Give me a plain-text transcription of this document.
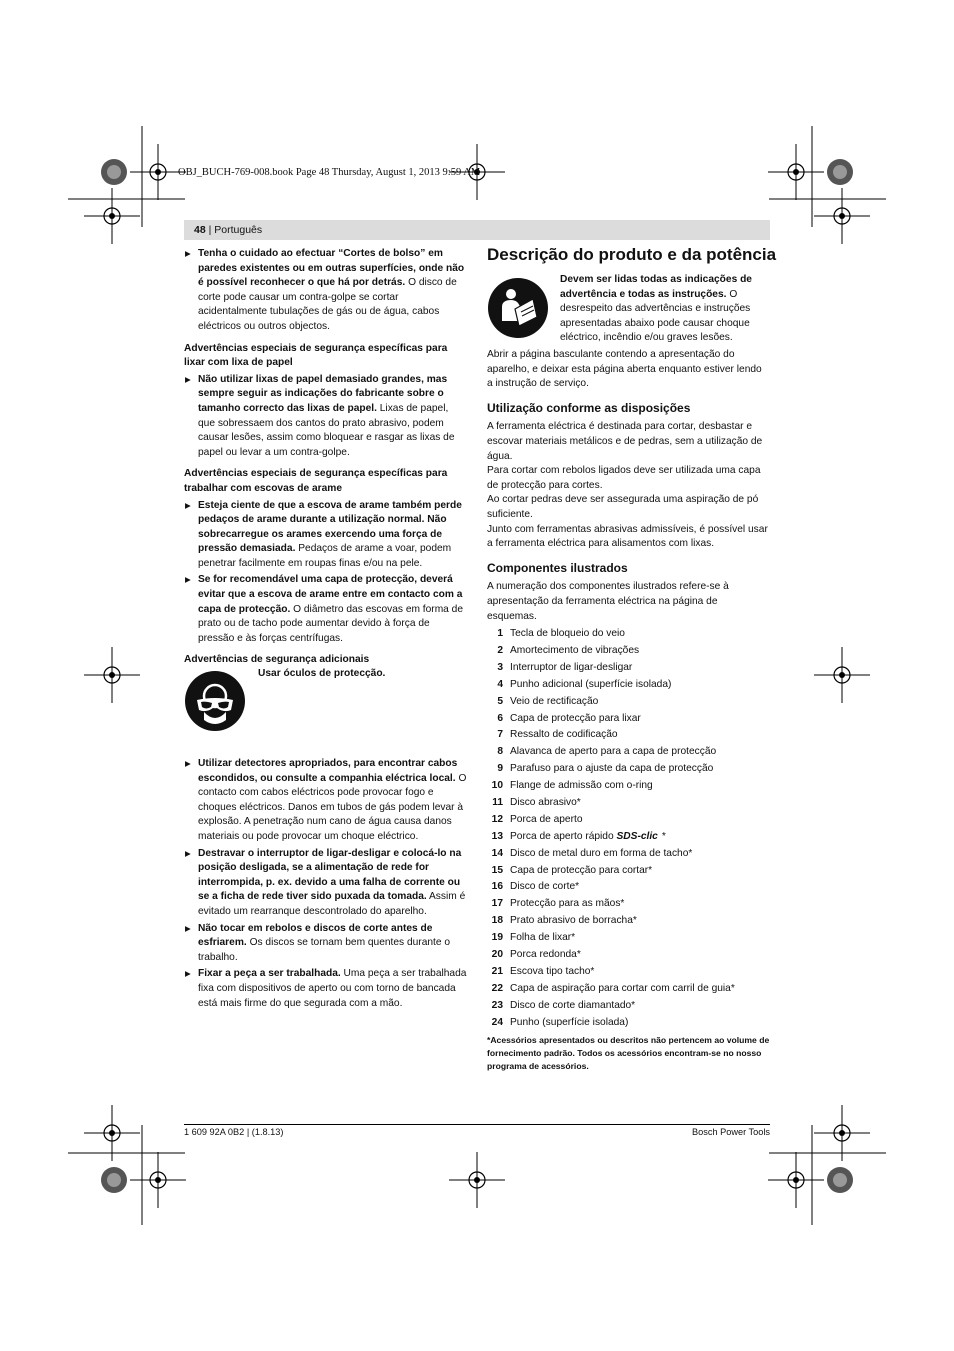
OBJ_BUCH-769-008.book Page 48 Thursday, August 1, 2013 9:59 AM
48 | Português

▶ Tenha o cuidado ao efectuar “Cortes de bolso” em paredes existentes ou em outras superfícies, onde não é possível reconhecer o que há por detrás. O disco de corte pode causar um contra-golpe se cortar acidentalmente tubulações de gás ou de água, cabos eléctricos ou outros objectos.

Advertências especiais de segurança específicas para lixar com lixa de papel

▶ Não utilizar lixas de papel demasiado grandes, mas sempre seguir as indicações do fabricante sobre o tamanho correcto das lixas de papel. Lixas de papel, que sobressaem dos cantos do prato abrasivo, podem causar lesões, assim como bloquear e rasgar as lixas de papel ou levar a um contra-golpe.

Advertências especiais de segurança específicas para trabalhar com escovas de arame

▶ Esteja ciente de que a escova de arame também perde pedaços de arame durante a utilização normal. Não sobrecarregue os arames exercendo uma força de pressão demasiada. Pedaços de arame a voar, podem penetrar facilmente em roupas finas e/ou na pele.

▶ Se for recomendável uma capa de protecção, deverá evitar que a escova de arame entre em contacto com a capa de protecção. O diâmetro das escovas em forma de prato ou de tacho pode aumentar devido à força de pressão e às forças centrífugas.

Advertências de segurança adicionais

Usar óculos de protecção.

▶ Utilizar detectores apropriados, para encontrar cabos escondidos, ou consulte a companhia eléctrica local. O contacto com cabos eléctricos pode provocar fogo e choques eléctricos. Danos em tubos de gás podem levar à explosão. A penetração num cano de água causa danos materiais ou pode provocar um choque eléctrico.

▶ Destravar o interruptor de ligar-desligar e colocá-lo na posição desligada, se a alimentação de rede for interrompida, p. ex. devido a uma falha de corrente ou se a ficha de rede tiver sido puxada da tomada. Assim é evitado um rearranque descontrolado do aparelho.

▶ Não tocar em rebolos e discos de corte antes de esfriarem. Os discos se tornam bem quentes durante o trabalho.

▶ Fixar a peça a ser trabalhada. Uma peça a ser trabalhada fixa com dispositivos de aperto ou com torno de bancada está mais firme do que segurada com a mão.

Descrição do produto e da potência
Devem ser lidas todas as indicações de advertência e todas as instruções. O desrespeito das advertências e instruções apresentadas abaixo pode causar choque eléctrico, incêndio e/ou graves lesões.

Abrir a página basculante contendo a apresentação do aparelho, e deixar esta página aberta enquanto estiver lendo a instrução de serviço.

Utilização conforme as disposições

A ferramenta eléctrica é destinada para cortar, desbastar e escovar materiais metálicos e de pedras, sem a utilização de água.

Para cortar com rebolos ligados deve ser utilizada uma capa de protecção para cortes.

Ao cortar pedras deve ser assegurada uma aspiração de pó suficiente.

Junto com ferramentas abrasivas admissíveis, é possível usar a ferramenta eléctrica para alisamentos com lixas.

Componentes ilustrados

A numeração dos componentes ilustrados refere-se à apresentação da ferramenta eléctrica na página de esquemas.

1 Tecla de bloqueio do veio
2 Amortecimento de vibrações
3 Interruptor de ligar-desligar
4 Punho adicional (superfície isolada)
5 Veio de rectificação
6 Capa de protecção para lixar
7 Ressalto de codificação
8 Alavanca de aperto para a capa de protecção
9 Parafuso para o ajuste da capa de protecção
10 Flange de admissão com o-ring
11 Disco abrasivo*
12 Porca de aperto
13 Porca de aperto rápido SDS-clic *
14 Disco de metal duro em forma de tacho*
15 Capa de protecção para cortar*
16 Disco de corte*
17 Protecção para as mãos*
18 Prato abrasivo de borracha*
19 Folha de lixar*
20 Porca redonda*
21 Escova tipo tacho*
22 Capa de aspiração para cortar com carril de guia*
23 Disco de corte diamantado*
24 Punho (superfície isolada)

*Acessórios apresentados ou descritos não pertencem ao volume de fornecimento padrão. Todos os acessórios encontram-se no nosso programa de acessórios.

1 609 92A 0B2 | (1.8.13)	Bosch Power Tools
